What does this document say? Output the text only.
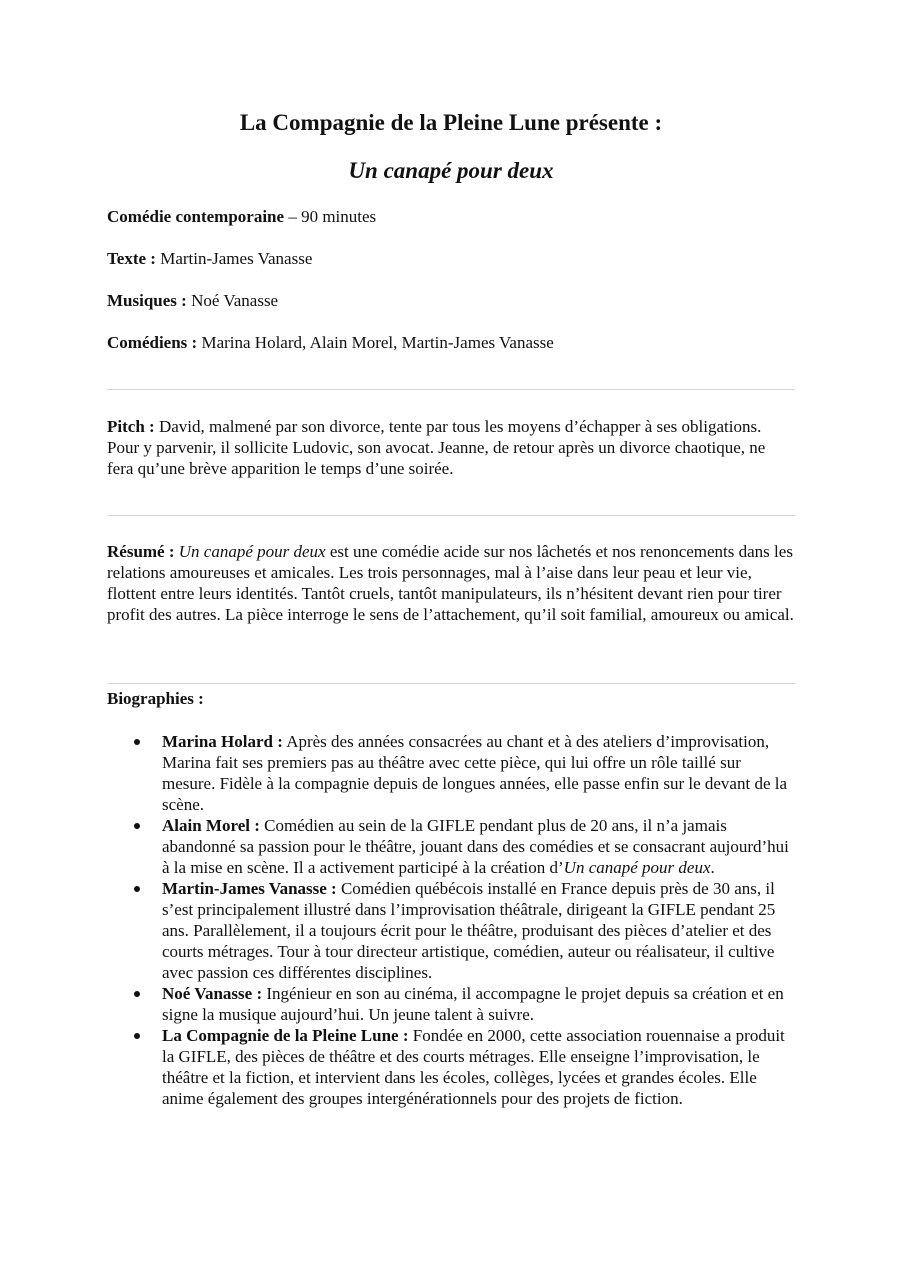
La Compagnie de la Pleine Lune présente :
Un canapé pour deux
Comédie contemporaine – 90 minutes
Texte : Martin-James Vanasse
Musiques : Noé Vanasse
Comédiens : Marina Holard, Alain Morel, Martin-James Vanasse
Pitch : David, malmené par son divorce, tente par tous les moyens d’échapper à ses obligations. Pour y parvenir, il sollicite Ludovic, son avocat. Jeanne, de retour après un divorce chaotique, ne fera qu’une brève apparition le temps d’une soirée.
Résumé : Un canapé pour deux est une comédie acide sur nos lâchetés et nos renoncements dans les relations amoureuses et amicales. Les trois personnages, mal à l’aise dans leur peau et leur vie, flottent entre leurs identités. Tantôt cruels, tantôt manipulateurs, ils n’hésitent devant rien pour tirer profit des autres. La pièce interroge le sens de l’attachement, qu’il soit familial, amoureux ou amical.
Biographies :
Marina Holard : Après des années consacrées au chant et à des ateliers d’improvisation, Marina fait ses premiers pas au théâtre avec cette pièce, qui lui offre un rôle taillé sur mesure. Fidèle à la compagnie depuis de longues années, elle passe enfin sur le devant de la scène.
Alain Morel : Comédien au sein de la GIFLE pendant plus de 20 ans, il n’a jamais abandonné sa passion pour le théâtre, jouant dans des comédies et se consacrant aujourd’hui à la mise en scène. Il a activement participé à la création d’Un canapé pour deux.
Martin-James Vanasse : Comédien québécois installé en France depuis près de 30 ans, il s’est principalement illustré dans l’improvisation théâtrale, dirigeant la GIFLE pendant 25 ans. Parallèlement, il a toujours écrit pour le théâtre, produisant des pièces d’atelier et des courts métrages. Tour à tour directeur artistique, comédien, auteur ou réalisateur, il cultive avec passion ces différentes disciplines.
Noé Vanasse : Ingénieur en son au cinéma, il accompagne le projet depuis sa création et en signe la musique aujourd’hui. Un jeune talent à suivre.
La Compagnie de la Pleine Lune : Fondée en 2000, cette association rouennaise a produit la GIFLE, des pièces de théâtre et des courts métrages. Elle enseigne l’improvisation, le théâtre et la fiction, et intervient dans les écoles, collèges, lycées et grandes écoles. Elle anime également des groupes intergénérationnels pour des projets de fiction.
